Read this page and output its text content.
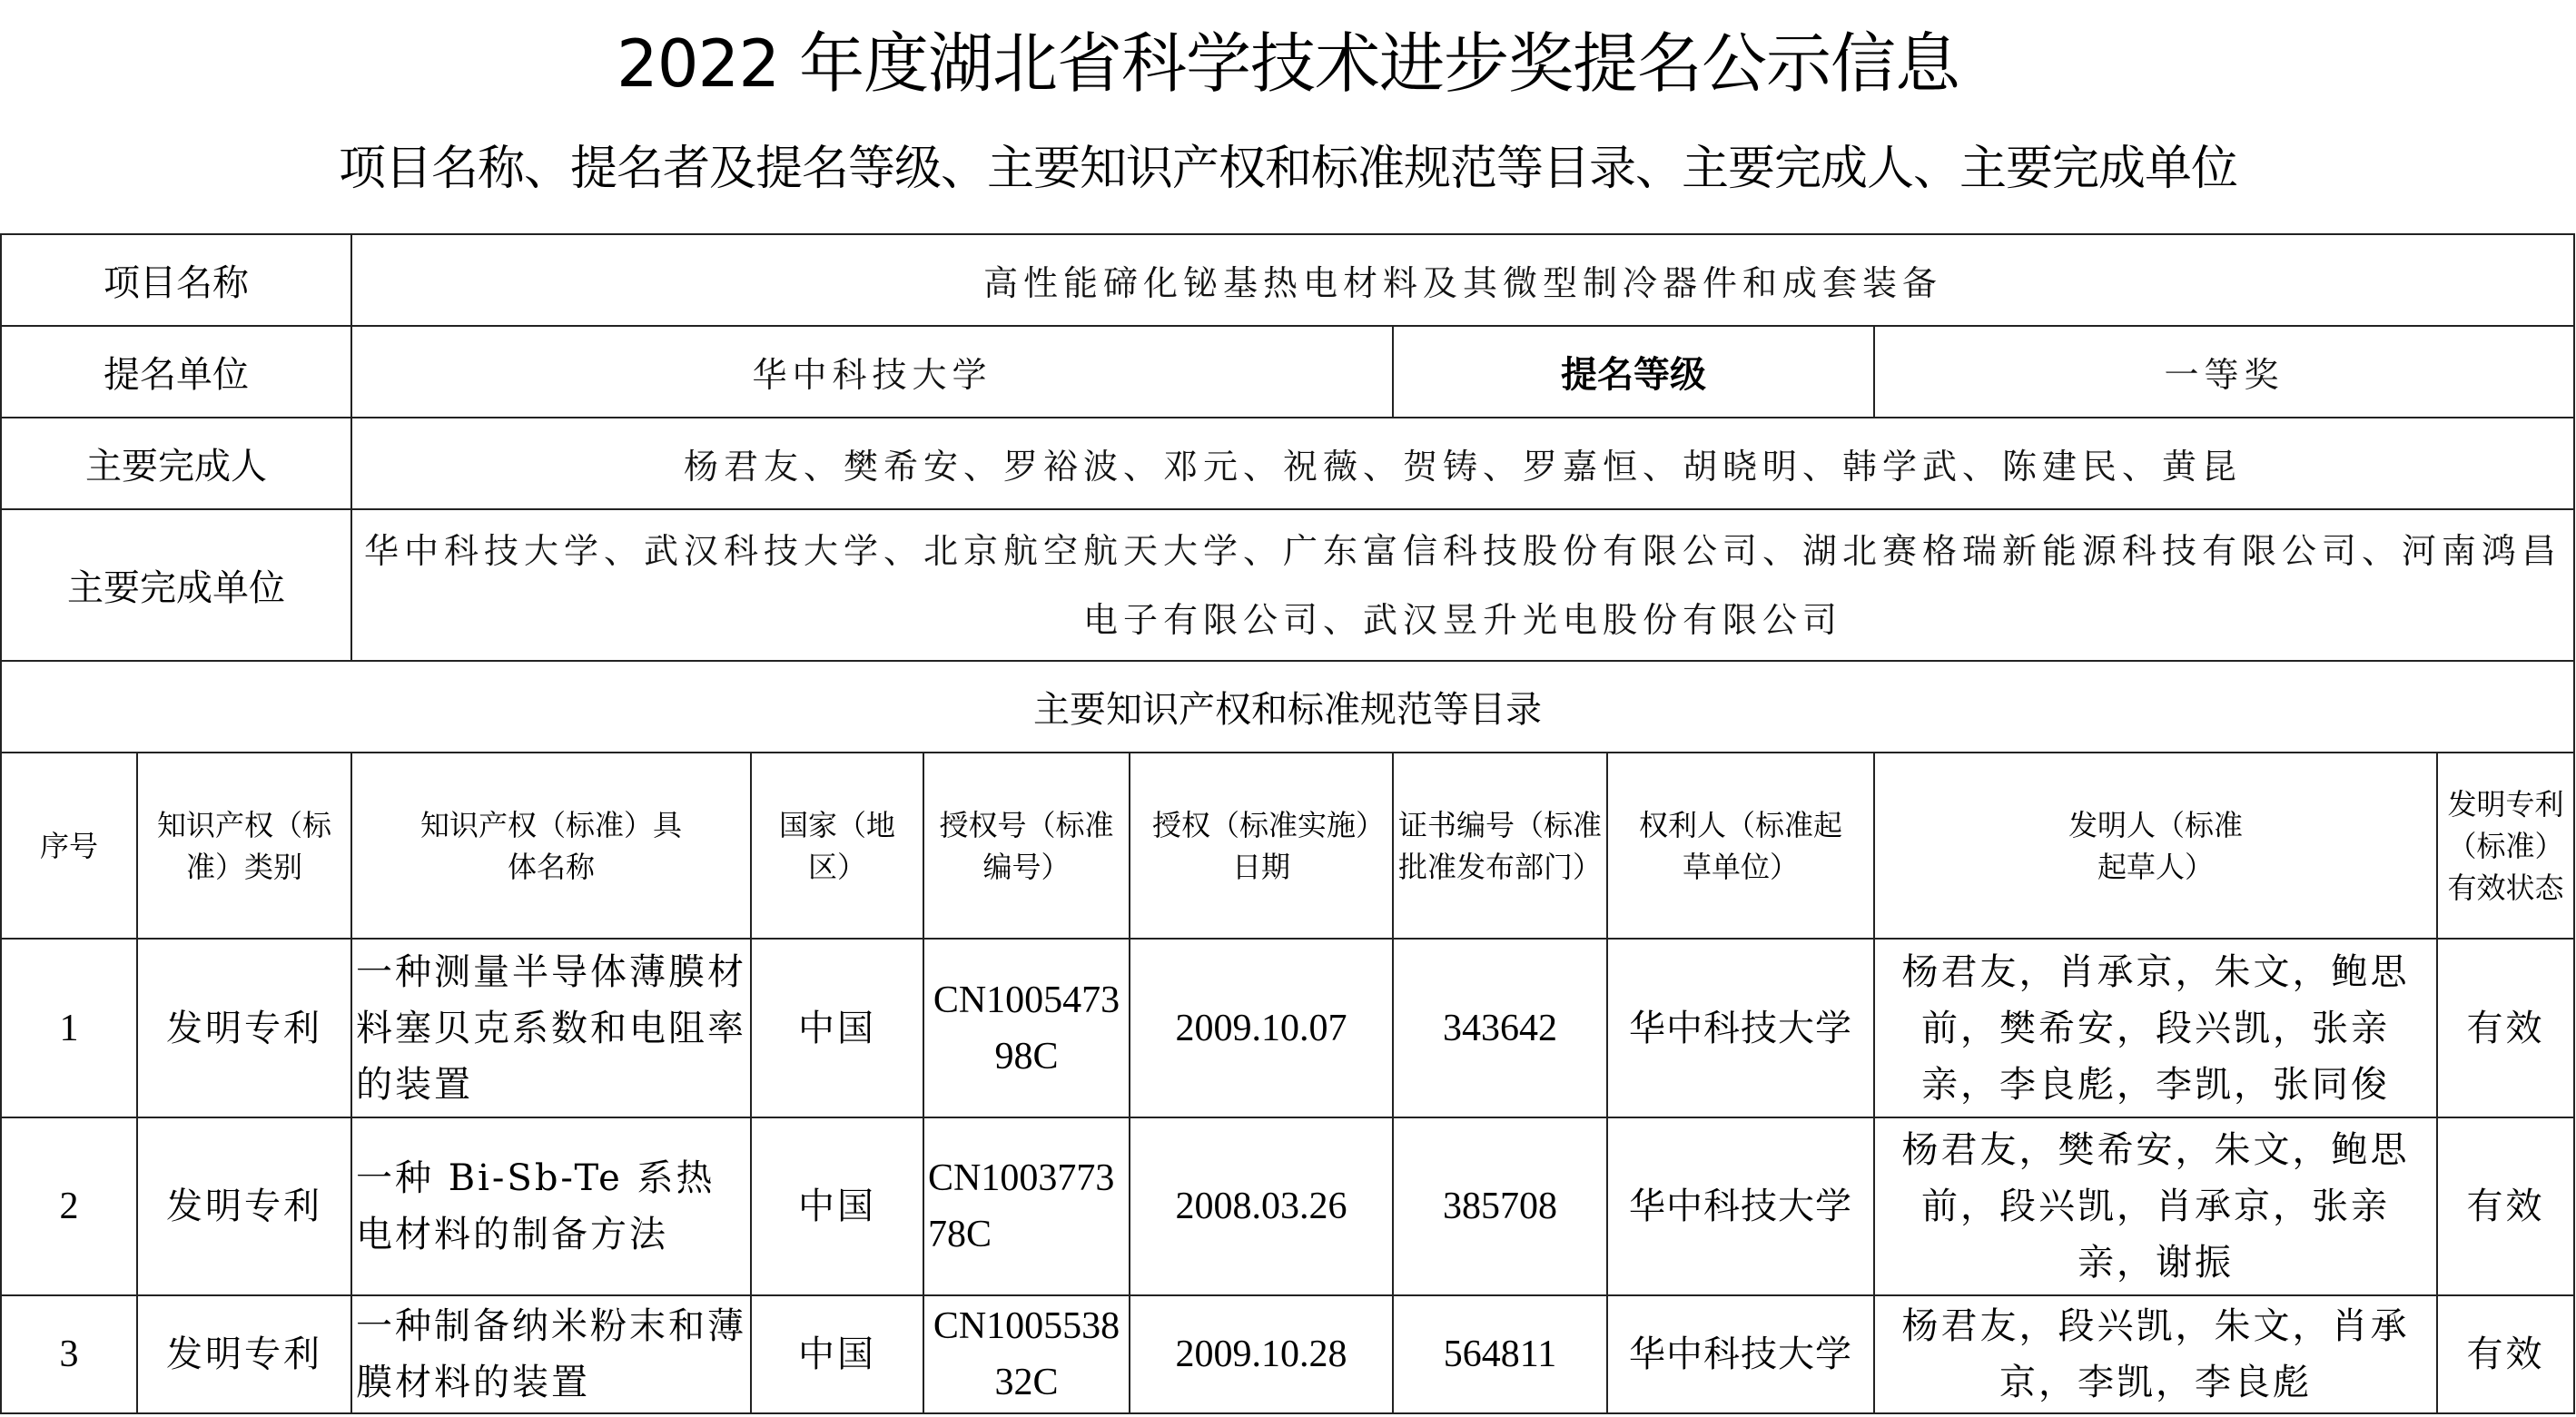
2022 年度湖北省科学技术进步奖提名公示信息
项目名称、提名者及提名等级、主要知识产权和标准规范等目录、主要完成人、主要完成单位
项目名称		高性能碲化铋基热电材料及其微型制冷器件和成套装备							
提名单位		华中科技大学				提名等级		一等奖	
主要完成人		杨君友、樊希安、罗裕波、邓元、祝薇、贺铸、罗嘉恒、胡晓明、韩学武、陈建民、黄昆							
主要完成单位		华中科技大学、武汉科技大学、北京航空航天大学、广东富信科技股份有限公司、湖北赛格瑞新能源科技有限公司、河南鸿昌电子有限公司、武汉昱升光电股份有限公司							
主要知识产权和标准规范等目录									
序号	知识产权（标准）类别	知识产权（标准）具体名称	国家（地区）	授权号（标准编号）	授权（标准实施）日期	证书编号（标准批准发布部门）	权利人（标准起草单位）	发明人（标准起草人）	发明专利（标准）有效状态
1	发明专利	一种测量半导体薄膜材料塞贝克系数和电阻率的装置	中国	CN100547398C	2009.10.07	343642	华中科技大学	杨君友，肖承京，朱文，鲍思前，樊希安，段兴凯，张亲亲，李良彪，李凯，张同俊	有效
2	发明专利	一种 Bi-Sb-Te 系热电材料的制备方法	中国	CN100377378C	2008.03.26	385708	华中科技大学	杨君友，樊希安，朱文，鲍思前，段兴凯，肖承京，张亲亲，谢振	有效
3	发明专利	一种制备纳米粉末和薄膜材料的装置	中国	CN100553832C	2009.10.28	564811	华中科技大学	杨君友，段兴凯，朱文，肖承京，李凯，李良彪	有效
